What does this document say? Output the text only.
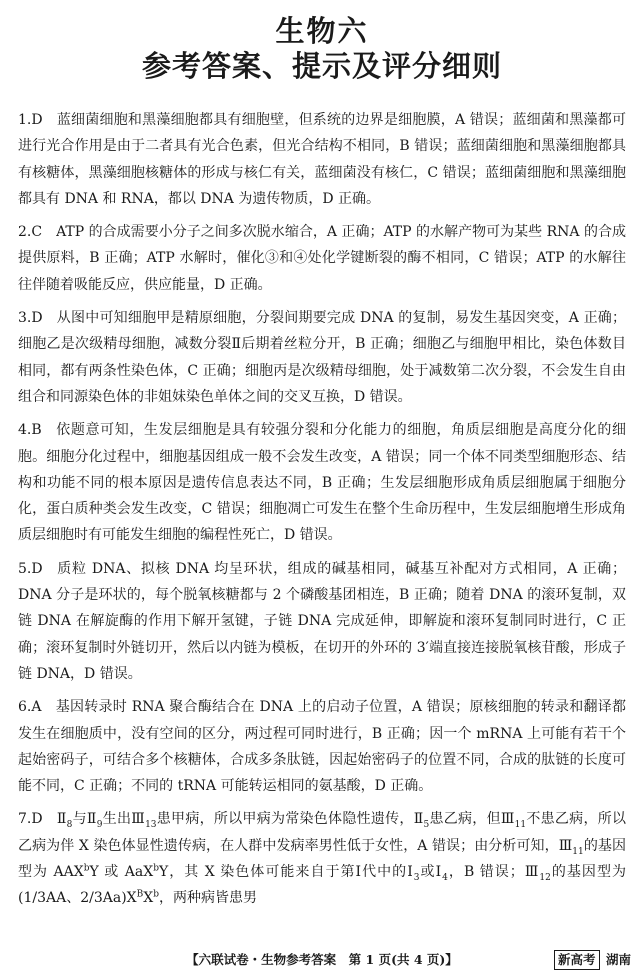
生物六
参考答案、提示及评分细则
1.D 蓝细菌细胞和黑藻细胞都具有细胞壁，但系统的边界是细胞膜，A 错误；蓝细菌和黑藻都可进行光合作用是由于二者具有光合色素，但光合结构不相同，B 错误；蓝细菌细胞和黑藻细胞都具有核糖体，黑藻细胞核糖体的形成与核仁有关，蓝细菌没有核仁，C 错误；蓝细菌细胞和黑藻细胞都具有 DNA 和 RNA，都以 DNA 为遗传物质，D 正确。
2.C ATP 的合成需要小分子之间多次脱水缩合，A 正确；ATP 的水解产物可为某些 RNA 的合成提供原料，B 正确；ATP 水解时，催化③和④处化学键断裂的酶不相同，C 错误；ATP 的水解往往伴随着吸能反应，供应能量，D 正确。
3.D 从图中可知细胞甲是精原细胞，分裂间期要完成 DNA 的复制，易发生基因突变，A 正确；细胞乙是次级精母细胞，减数分裂Ⅱ后期着丝粒分开，B 正确；细胞乙与细胞甲相比，染色体数目相同，都有两条性染色体，C 正确；细胞丙是次级精母细胞，处于减数第二次分裂，不会发生自由组合和同源染色体的非姐妹染色单体之间的交叉互换，D 错误。
4.B 依题意可知，生发层细胞是具有较强分裂和分化能力的细胞，角质层细胞是高度分化的细胞。细胞分化过程中，细胞基因组成一般不会发生改变，A 错误；同一个体不同类型细胞形态、结构和功能不同的根本原因是遗传信息表达不同，B 正确；生发层细胞形成角质层细胞属于细胞分化，蛋白质种类会发生改变，C 错误；细胞凋亡可发生在整个生命历程中，生发层细胞增生形成角质层细胞时有可能发生细胞的编程性死亡，D 错误。
5.D 质粒 DNA、拟核 DNA 均呈环状，组成的碱基相同，碱基互补配对方式相同，A 正确；DNA 分子是环状的，每个脱氧核糖都与 2 个磷酸基团相连，B 正确；随着 DNA 的滚环复制，双链 DNA 在解旋酶的作用下解开氢键，子链 DNA 完成延伸，即解旋和滚环复制同时进行，C 正确；滚环复制时外链切开，然后以内链为模板，在切开的外环的 3′端直接连接脱氧核苷酸，形成子链 DNA，D 错误。
6.A 基因转录时 RNA 聚合酶结合在 DNA 上的启动子位置，A 错误；原核细胞的转录和翻译都发生在细胞质中，没有空间的区分，两过程可同时进行，B 正确；因一个 mRNA 上可能有若干个起始密码子，可结合多个核糖体，合成多条肽链，因起始密码子的位置不同，合成的肽链的长度可能不同，C 正确；不同的 tRNA 可能转运相同的氨基酸，D 正确。
7.D $Ⅱ_8$与$Ⅱ_9$生出$Ⅲ_{13}$患甲病，所以甲病为常染色体隐性遗传，$Ⅱ_5$患乙病，但$Ⅲ_{11}$不患乙病，所以乙病为伴 X 染色体显性遗传病，在人群中发病率男性低于女性，A 错误；由分析可知，$Ⅲ_{11}$的基因型为 AAX$^b$Y 或 AaX$^b$Y，其 X 染色体可能来自于第Ⅰ代中的$Ⅰ_3$或$Ⅰ_4$，B 错误；$Ⅲ_{12}$的基因型为(1/3AA、$2/3Aa)X^BX^b$，两种病皆患男
【六联试卷・生物参考答案　第 1 页(共 4 页)】	新高考 湖南
